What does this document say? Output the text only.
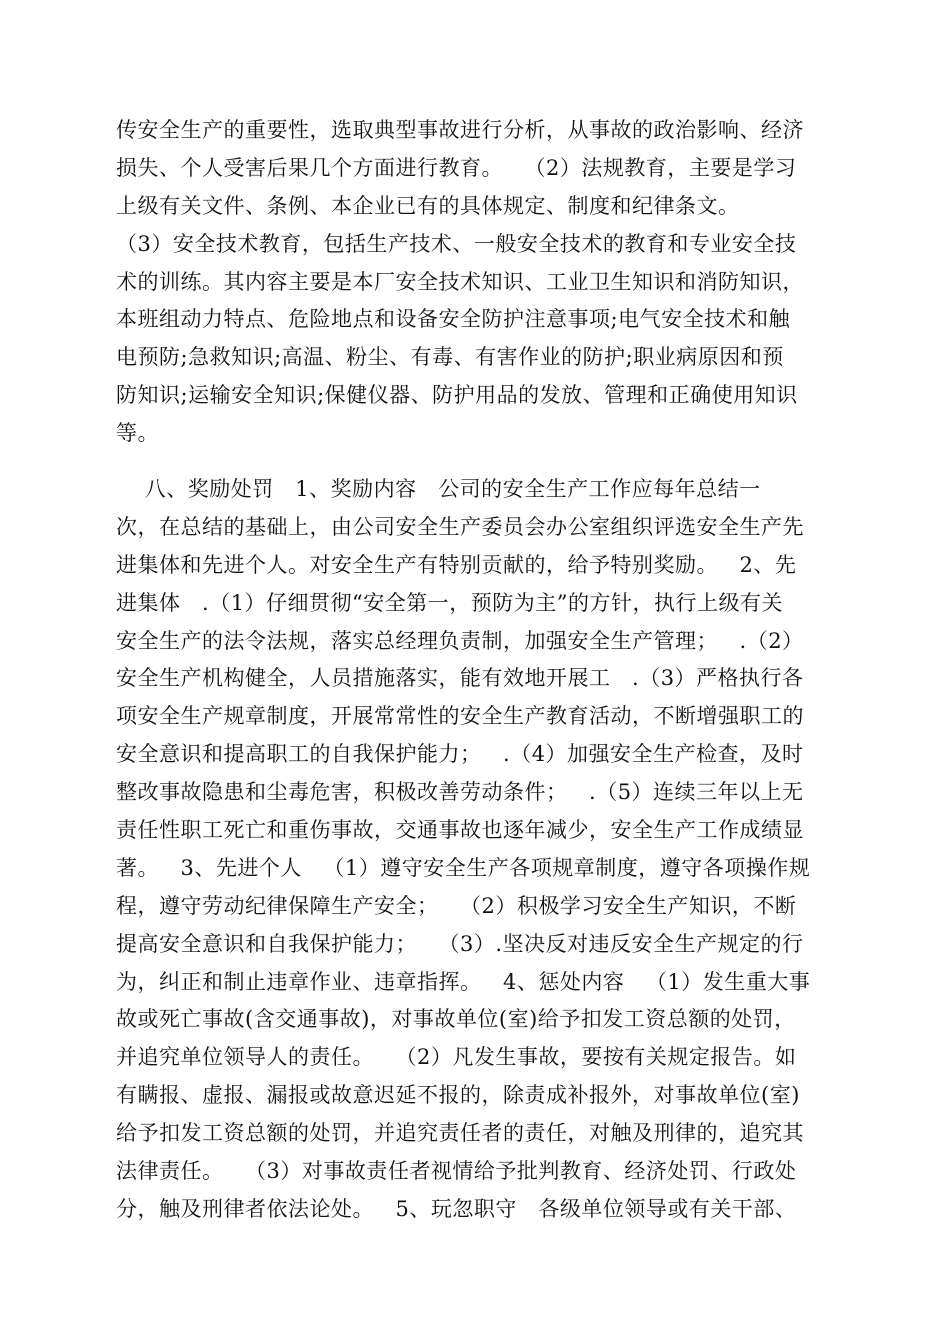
传安全生产的重要性，选取典型事故进行分析，从事故的政治影响、经济
损失、个人受害后果几个方面进行教育。   （2）法规教育，主要是学习
上级有关文件、条例、本企业已有的具体规定、制度和纪律条文。
（3）安全技术教育，包括生产技术、一般安全技术的教育和专业安全技
术的训练。其内容主要是本厂安全技术知识、工业卫生知识和消防知识，
本班组动力特点、危险地点和设备安全防护注意事项;电气安全技术和触
电预防;急救知识;高温、粉尘、有毒、有害作业的防护;职业病原因和预
防知识;运输安全知识;保健仪器、防护用品的发放、管理和正确使用知识
等。
八、奖励处罚   1、奖励内容   公司的安全生产工作应每年总结一
次，在总结的基础上，由公司安全生产委员会办公室组织评选安全生产先
进集体和先进个人。对安全生产有特别贡献的，给予特别奖励。   2、先
进集体   .（1）仔细贯彻“安全第一，预防为主”的方针，执行上级有关
安全生产的法令法规，落实总经理负责制，加强安全生产管理；   .（2）
安全生产机构健全，人员措施落实，能有效地开展工   .（3）严格执行各
项安全生产规章制度，开展常常性的安全生产教育活动，不断增强职工的
安全意识和提高职工的自我保护能力；   .（4）加强安全生产检查，及时
整改事故隐患和尘毒危害，积极改善劳动条件；   .（5）连续三年以上无
责任性职工死亡和重伤事故，交通事故也逐年减少，安全生产工作成绩显
著。   3、先进个人   （1）遵守安全生产各项规章制度，遵守各项操作规
程，遵守劳动纪律保障生产安全；   （2）积极学习安全生产知识，不断
提高安全意识和自我保护能力；   （3）.坚决反对违反安全生产规定的行
为，纠正和制止违章作业、违章指挥。   4、惩处内容   （1）发生重大事
故或死亡事故(含交通事故)，对事故单位(室)给予扣发工资总额的处罚，
并追究单位领导人的责任。   （2）凡发生事故，要按有关规定报告。如
有瞒报、虚报、漏报或故意迟延不报的，除责成补报外，对事故单位(室)
给予扣发工资总额的处罚，并追究责任者的责任，对触及刑律的，追究其
法律责任。   （3）对事故责任者视情给予批判教育、经济处罚、行政处
分，触及刑律者依法论处。   5、玩忽职守   各级单位领导或有关干部、
